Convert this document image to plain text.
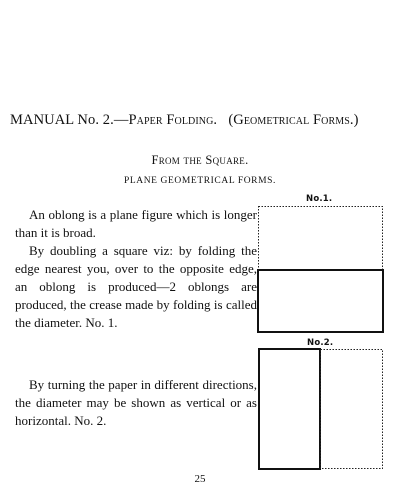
MANUAL No. 2.—Paper Folding. (Geometrical Forms.)
From the Square.
PLANE GEOMETRICAL FORMS.
No.1.
No.2.
An oblong is a plane figure which is longer than it is broad.
By doubling a square viz: by folding the edge nearest you, over to the opposite edge, an oblong is produced—2 oblongs are produced, the crease made by folding is called the diameter. No. 1.
By turning the paper in different directions, the diameter may be shown as vertical or as horizontal. No. 2.
25
